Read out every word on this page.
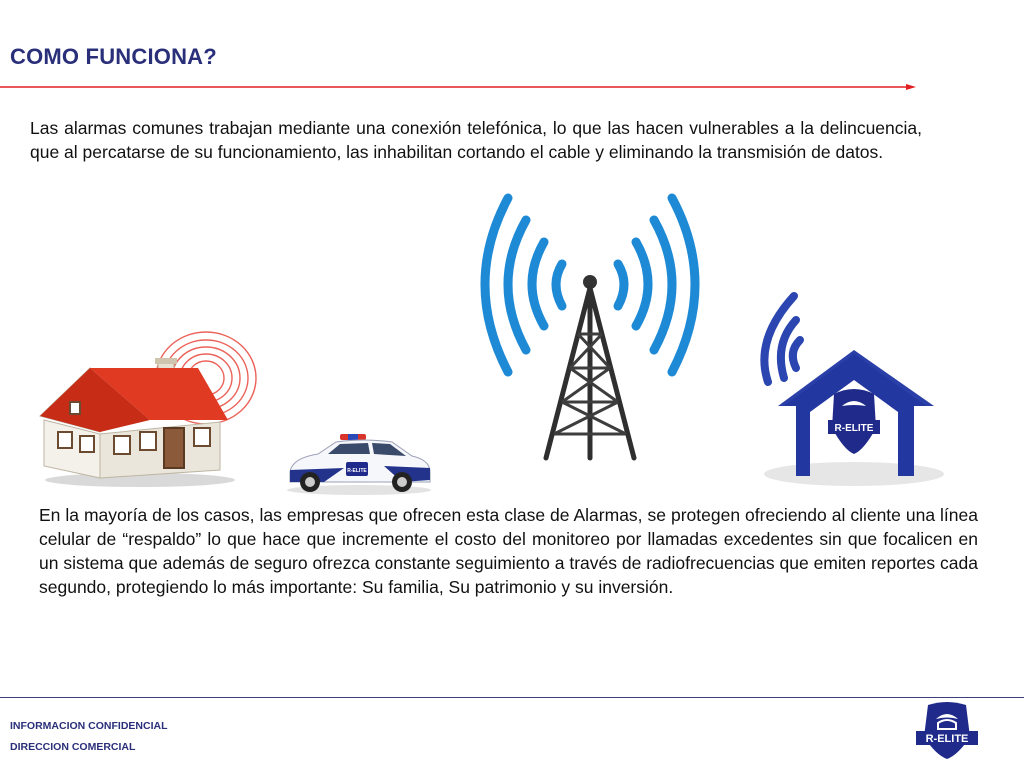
COMO FUNCIONA?

Las alarmas comunes trabajan mediante una conexión telefónica, lo que las hacen vulnerables a la delincuencia, que al percatarse de su funcionamiento, las inhabilitan cortando el cable y eliminando la transmisión de datos.

R-ELITE
R-ELITE

En la mayoría de los casos, las empresas que ofrecen esta clase de Alarmas, se protegen ofreciendo al cliente una línea celular de “respaldo” lo que hace que incremente el costo del monitoreo por llamadas excedentes sin que focalicen en un sistema que además de seguro ofrezca constante seguimiento a través de radiofrecuencias que emiten reportes cada segundo, protegiendo lo más importante: Su familia, Su patrimonio y su inversión.

INFORMACION CONFIDENCIAL
DIRECCION COMERCIAL
R-ELITE
